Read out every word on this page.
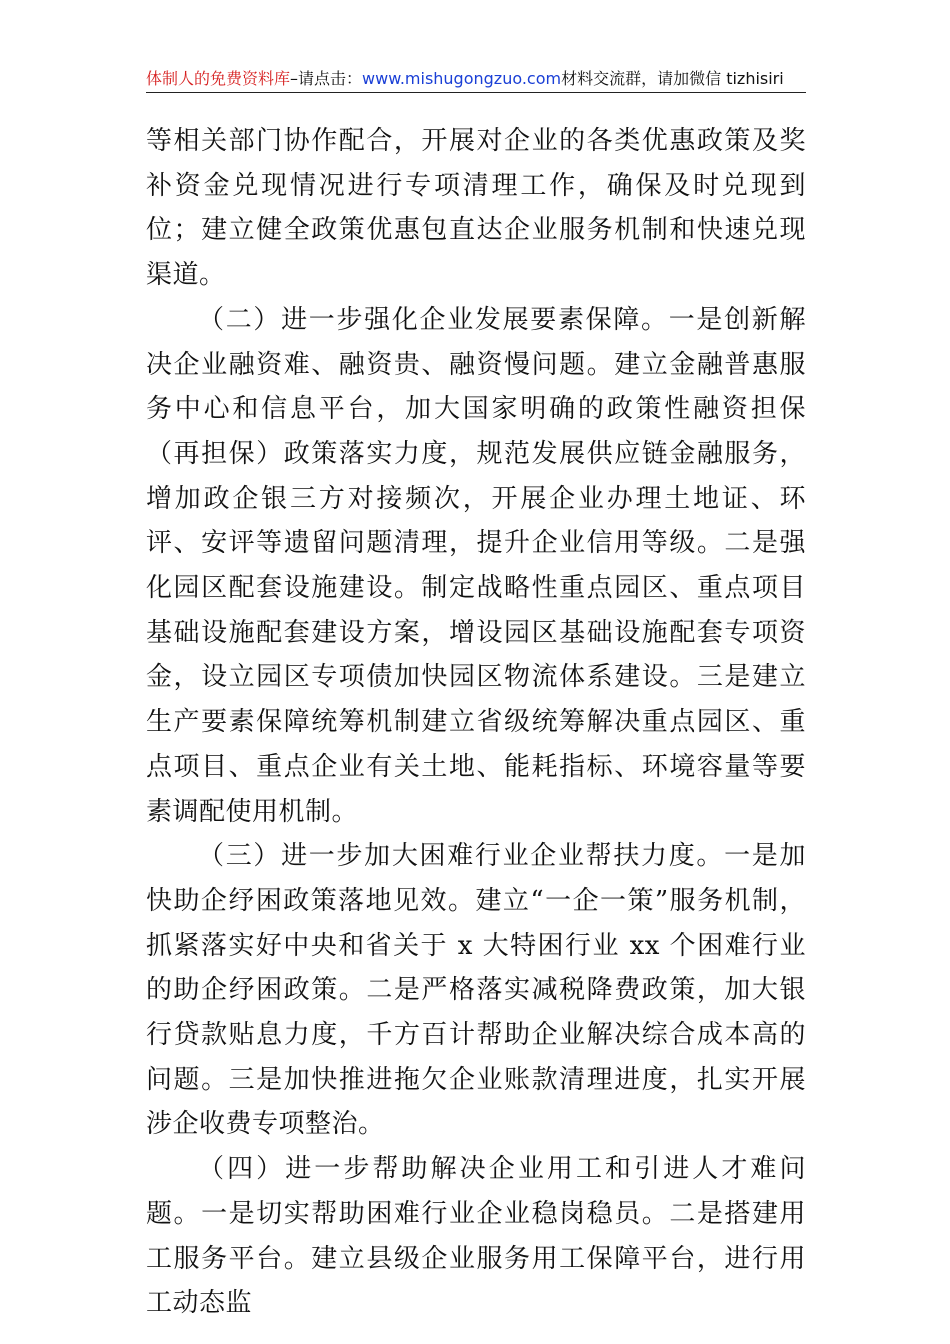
体制人的免费资料库–请点击：www.mishugongzuo.com材料交流群，请加微信 tizhisiri

等相关部门协作配合，开展对企业的各类优惠政策及奖补资金兑现情况进行专项清理工作，确保及时兑现到位；建立健全政策优惠包直达企业服务机制和快速兑现渠道。

（二）进一步强化企业发展要素保障。一是创新解决企业融资难、融资贵、融资慢问题。建立金融普惠服务中心和信息平台，加大国家明确的政策性融资担保（再担保）政策落实力度，规范发展供应链金融服务，增加政企银三方对接频次，开展企业办理土地证、环评、安评等遗留问题清理，提升企业信用等级。二是强化园区配套设施建设。制定战略性重点园区、重点项目基础设施配套建设方案，增设园区基础设施配套专项资金，设立园区专项债加快园区物流体系建设。三是建立生产要素保障统筹机制建立省级统筹解决重点园区、重点项目、重点企业有关土地、能耗指标、环境容量等要素调配使用机制。

（三）进一步加大困难行业企业帮扶力度。一是加快助企纾困政策落地见效。建立“一企一策”服务机制，抓紧落实好中央和省关于 x 大特困行业 xx 个困难行业的助企纾困政策。二是严格落实减税降费政策，加大银行贷款贴息力度，千方百计帮助企业解决综合成本高的问题。三是加快推进拖欠企业账款清理进度，扎实开展涉企收费专项整治。

（四）进一步帮助解决企业用工和引进人才难问题。一是切实帮助困难行业企业稳岗稳员。二是搭建用工服务平台。建立县级企业服务用工保障平台，进行用工动态监
